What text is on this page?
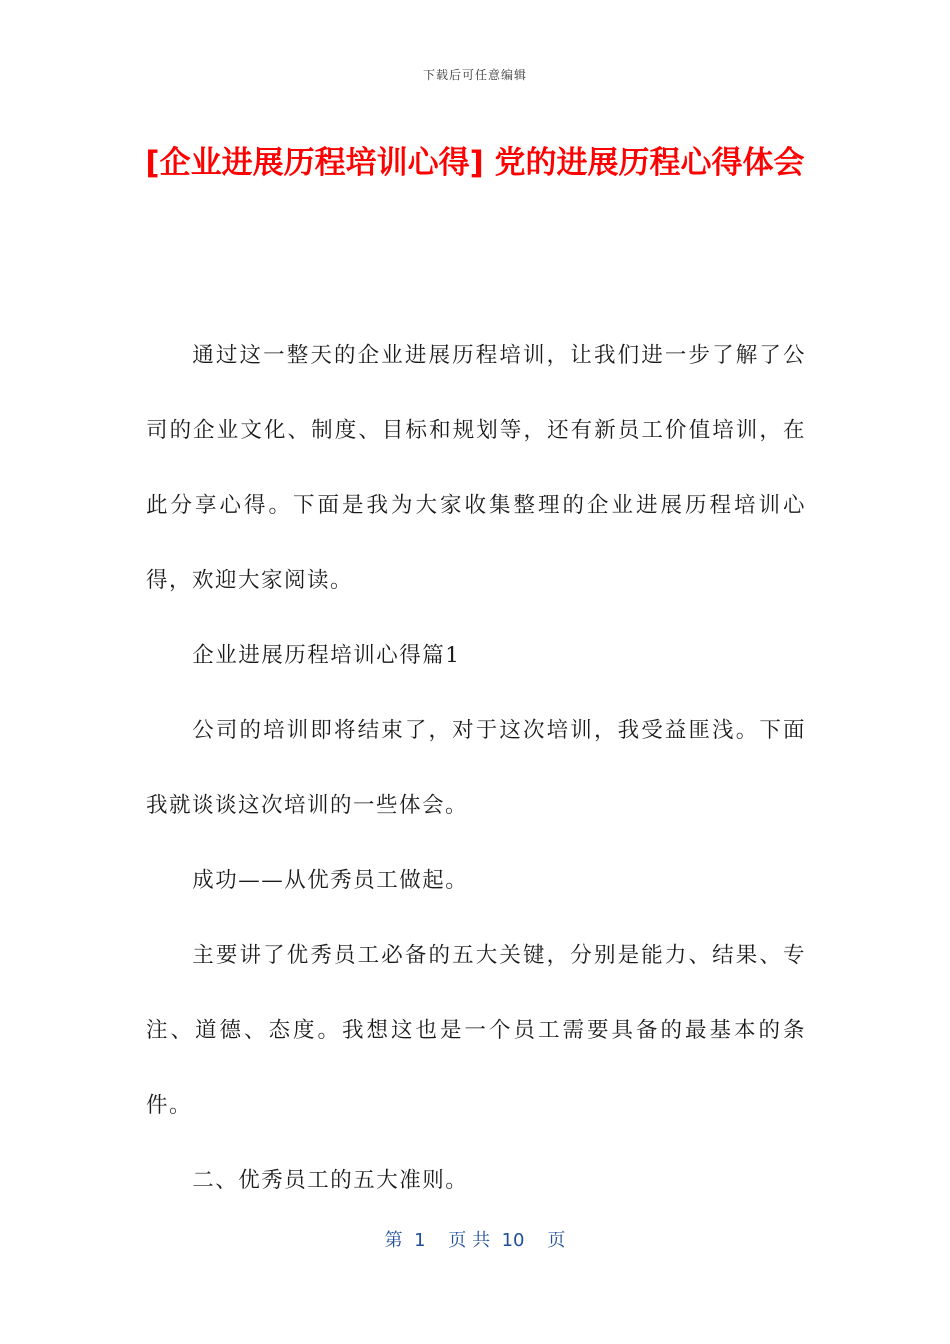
下载后可任意编辑
[企业进展历程培训心得] 党的进展历程心得体会

通过这一整天的企业进展历程培训，让我们进一步了解了公司的企业文化、制度、目标和规划等，还有新员工价值培训，在此分享心得。下面是我为大家收集整理的企业进展历程培训心得，欢迎大家阅读。

企业进展历程培训心得篇1

公司的培训即将结束了，对于这次培训，我受益匪浅。下面我就谈谈这次培训的一些体会。

成功——从优秀员工做起。

主要讲了优秀员工必备的五大关键，分别是能力、结果、专注、道德、态度。我想这也是一个员工需要具备的最基本的条件。

二、优秀员工的五大准则。

第  1    页 共  10    页
